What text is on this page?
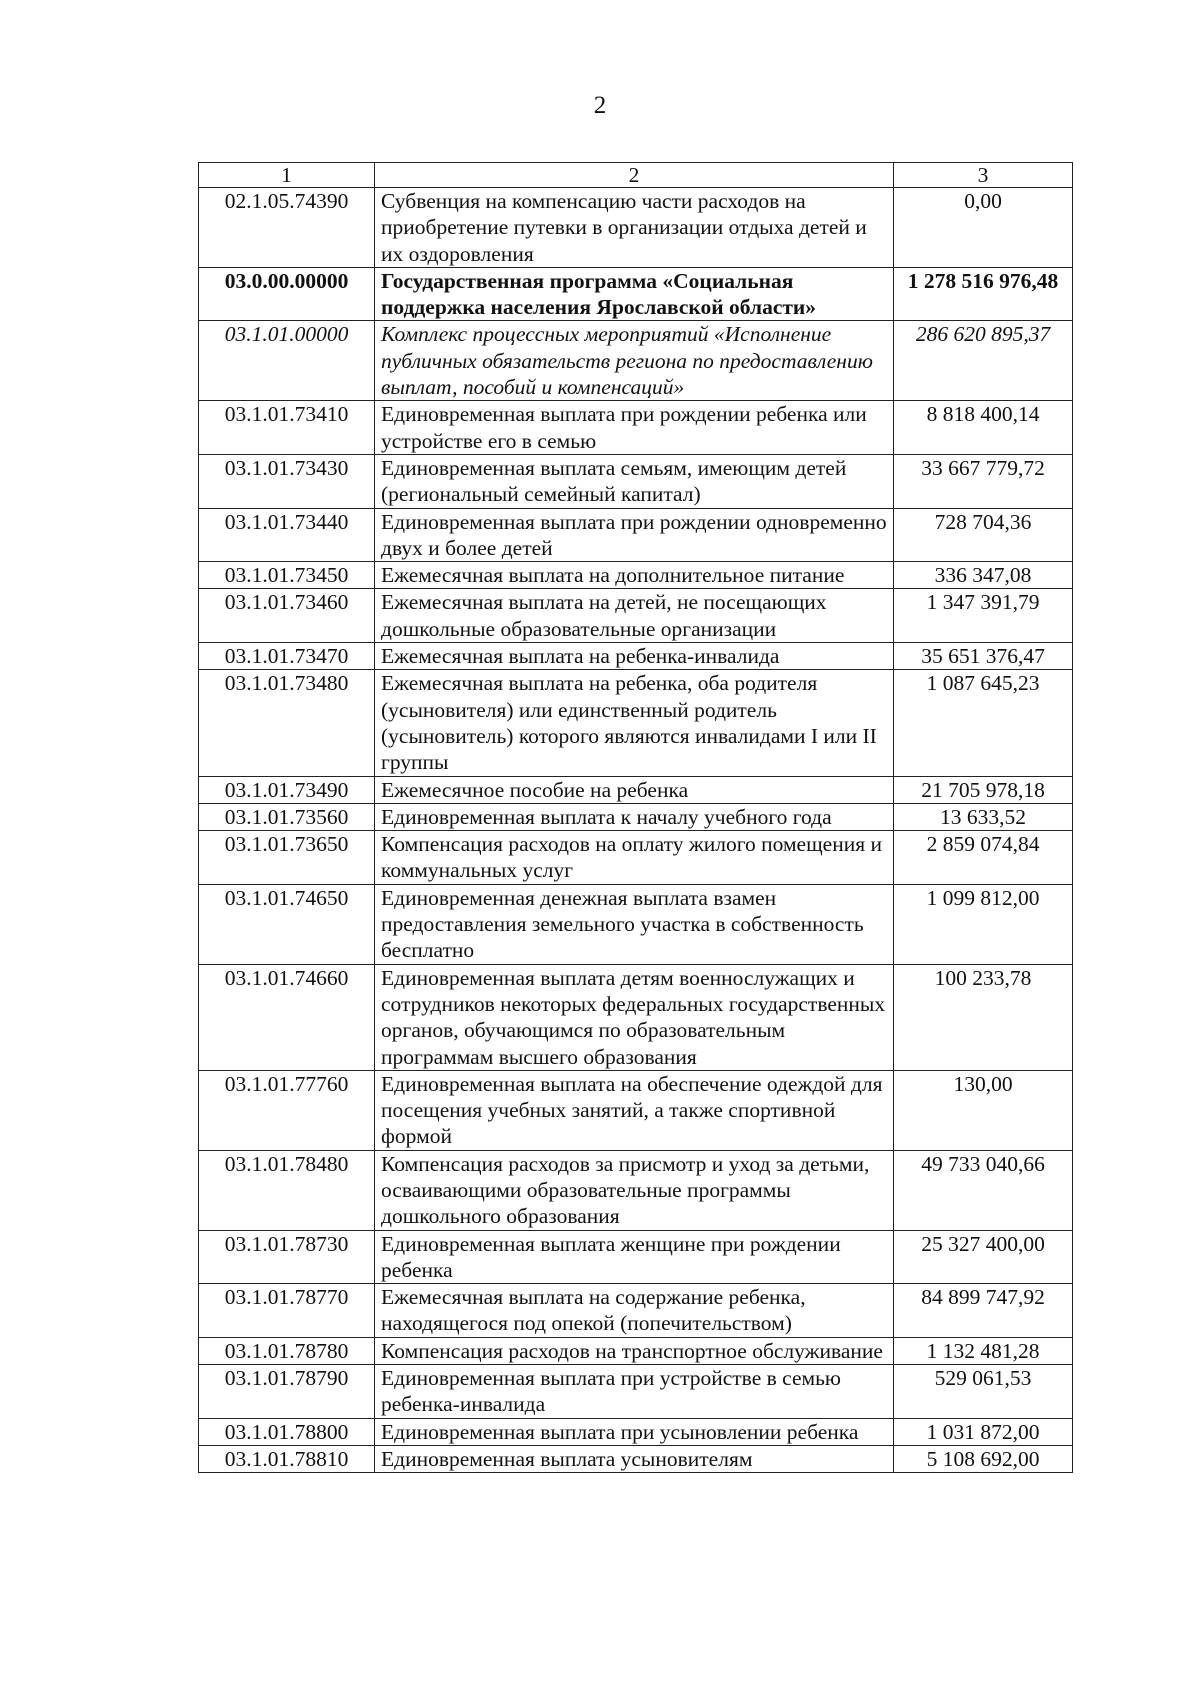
2
1	2	3
02.1.05.74390	Субвенция на компенсацию части расходов на приобретение путевки в организации отдыха детей и их оздоровления	0,00
03.0.00.00000	Государственная программа «Социальная поддержка населения Ярославской области»	1 278 516 976,48
03.1.01.00000	Комплекс процессных мероприятий «Исполнение публичных обязательств региона по предоставлению выплат, пособий и компенсаций»	286 620 895,37
03.1.01.73410	Единовременная выплата при рождении ребенка или устройстве его в семью	8 818 400,14
03.1.01.73430	Единовременная выплата семьям, имеющим детей (региональный семейный капитал)	33 667 779,72
03.1.01.73440	Единовременная выплата при рождении одновременно двух и более детей	728 704,36
03.1.01.73450	Ежемесячная выплата на дополнительное питание	336 347,08
03.1.01.73460	Ежемесячная выплата на детей, не посещающих дошкольные образовательные организации	1 347 391,79
03.1.01.73470	Ежемесячная выплата на ребенка-инвалида	35 651 376,47
03.1.01.73480	Ежемесячная выплата на ребенка, оба родителя (усыновителя) или единственный родитель (усыновитель) которого являются инвалидами I или II группы	1 087 645,23
03.1.01.73490	Ежемесячное пособие на ребенка	21 705 978,18
03.1.01.73560	Единовременная выплата к началу учебного года	13 633,52
03.1.01.73650	Компенсация расходов на оплату жилого помещения и коммунальных услуг	2 859 074,84
03.1.01.74650	Единовременная денежная выплата взамен предоставления земельного участка в собственность бесплатно	1 099 812,00
03.1.01.74660	Единовременная выплата детям военнослужащих и сотрудников некоторых федеральных государственных органов, обучающимся по образовательным программам высшего образования	100 233,78
03.1.01.77760	Единовременная выплата на обеспечение одеждой для посещения учебных занятий, а также спортивной формой	130,00
03.1.01.78480	Компенсация расходов за присмотр и уход за детьми, осваивающими образовательные программы дошкольного образования	49 733 040,66
03.1.01.78730	Единовременная выплата женщине при рождении ребенка	25 327 400,00
03.1.01.78770	Ежемесячная выплата на содержание ребенка, находящегося под опекой (попечительством)	84 899 747,92
03.1.01.78780	Компенсация расходов на транспортное обслуживание	1 132 481,28
03.1.01.78790	Единовременная выплата при устройстве в семью ребенка-инвалида	529 061,53
03.1.01.78800	Единовременная выплата при усыновлении ребенка	1 031 872,00
03.1.01.78810	Единовременная выплата усыновителям	5 108 692,00
